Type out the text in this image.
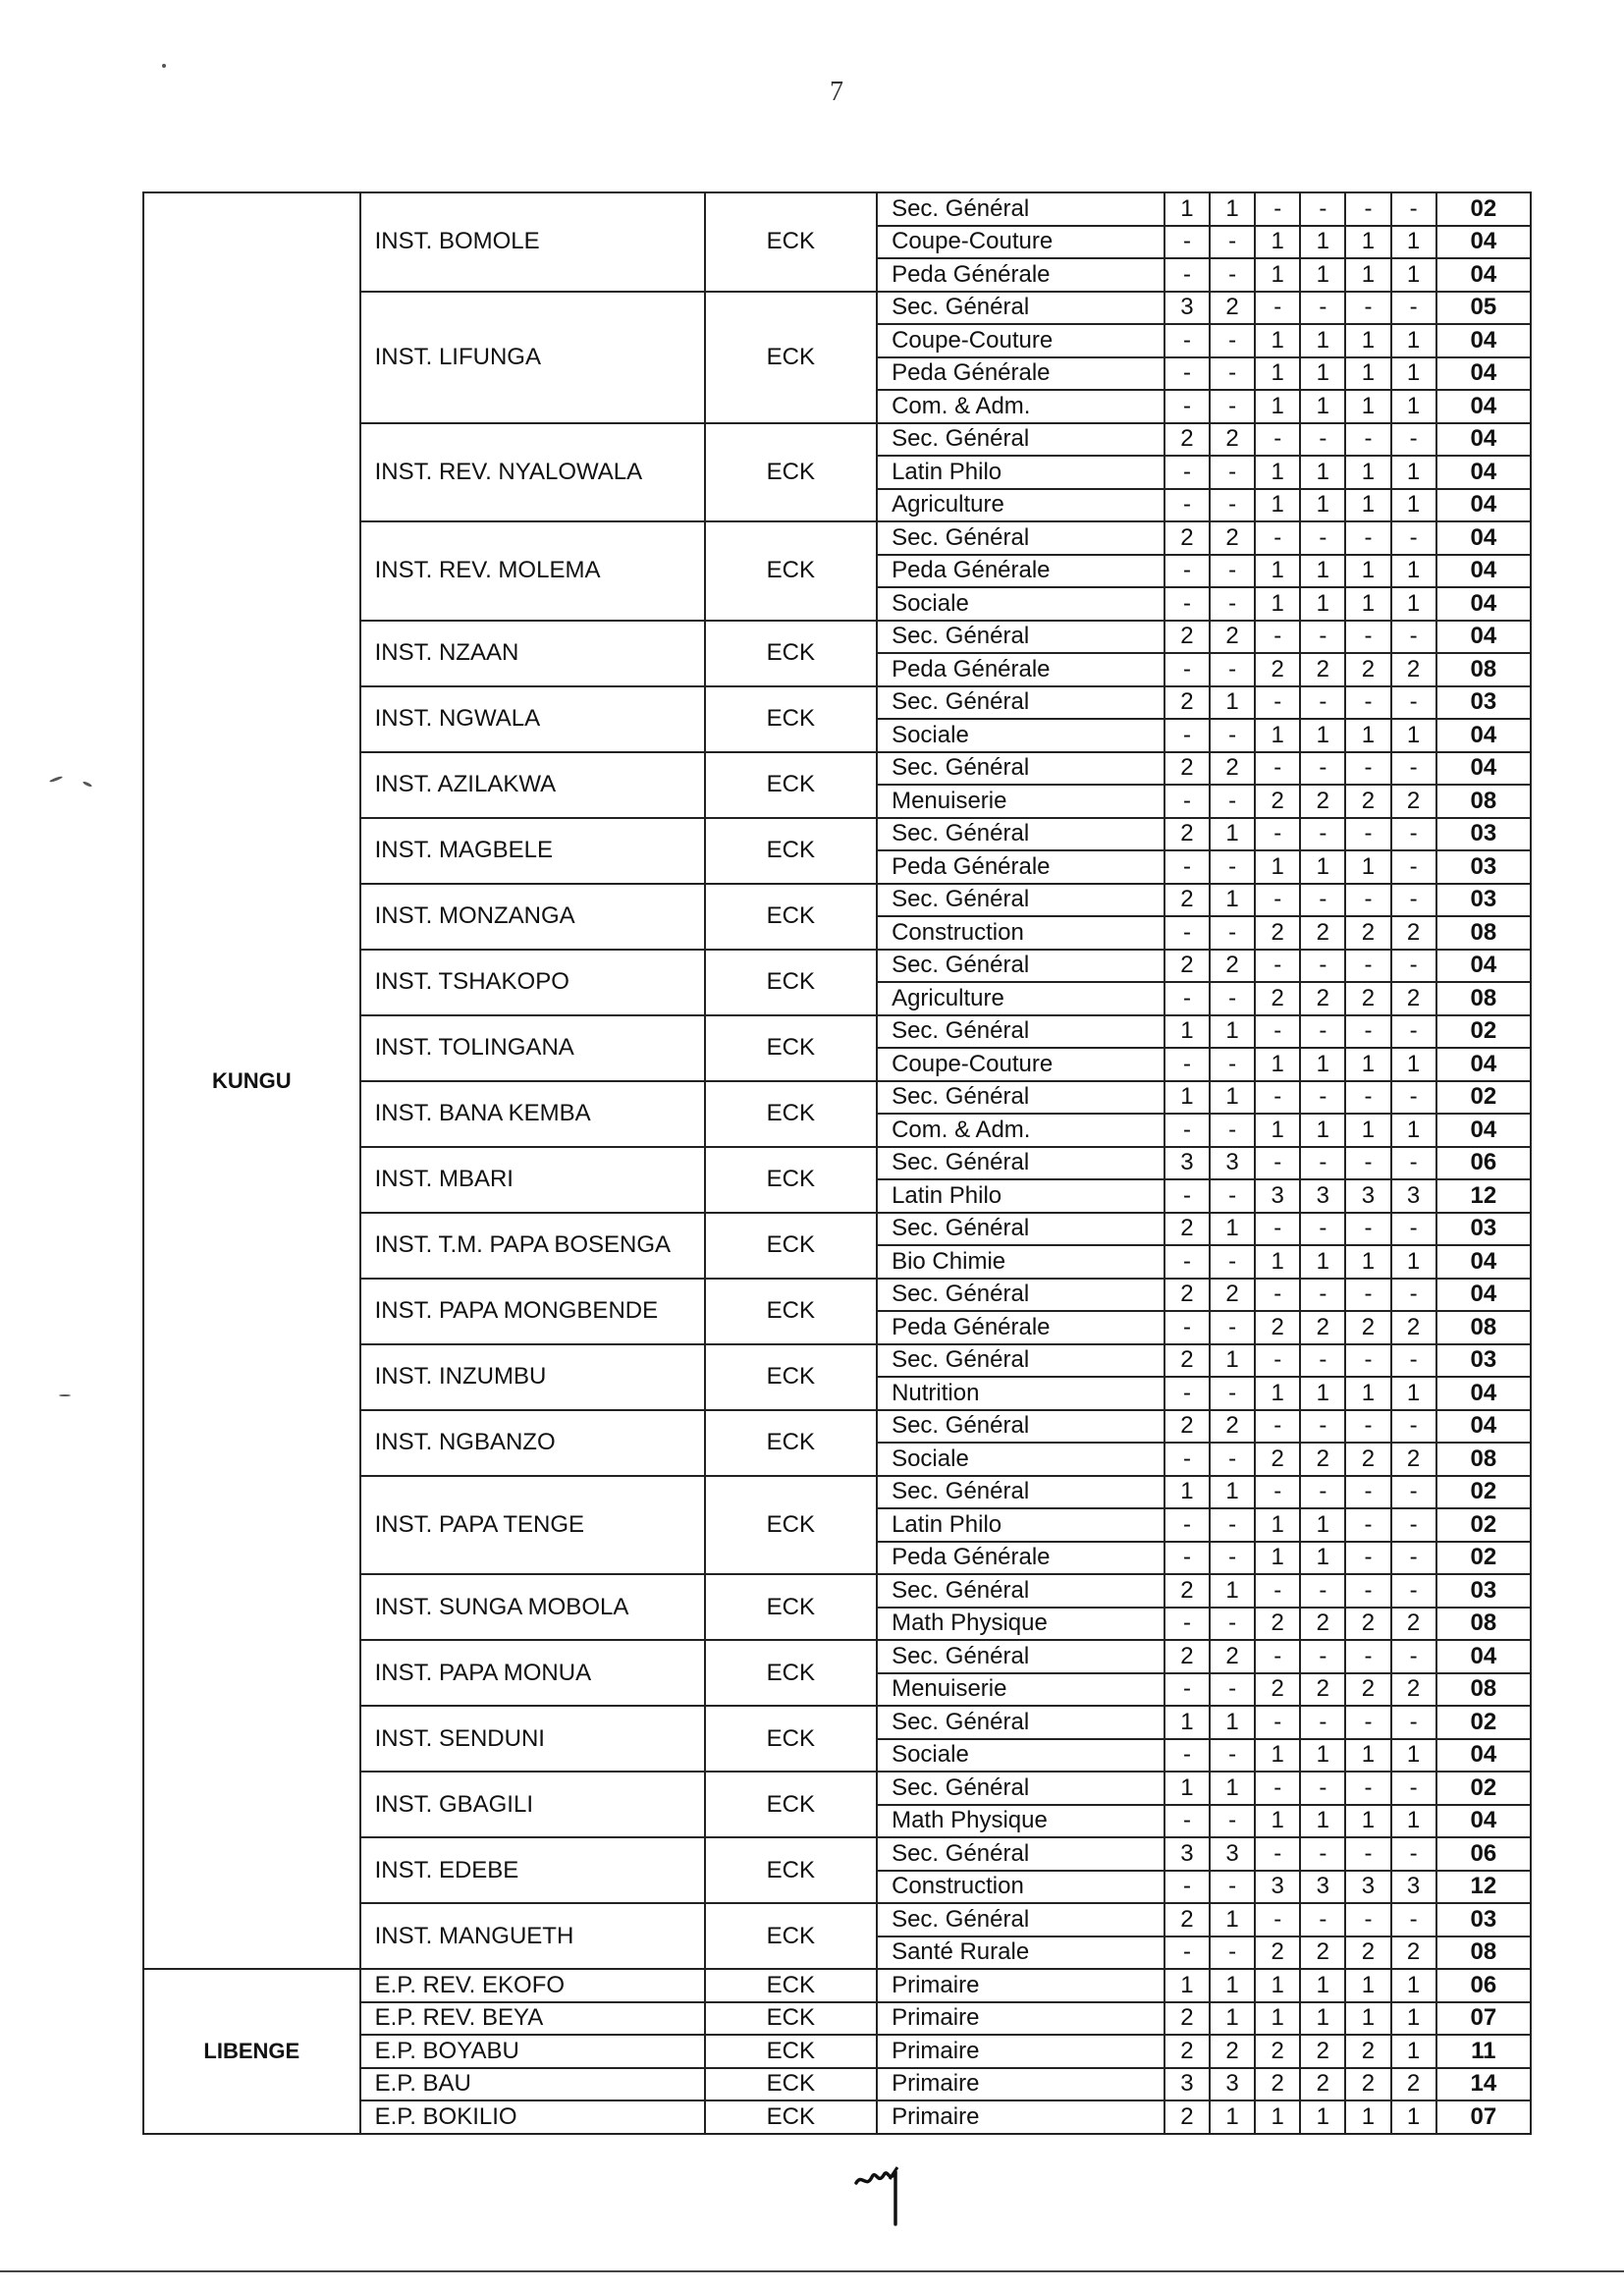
7
KUNGU	INST. BOMOLE	ECK	Sec. Général	1	1	-	-	-	-	02
			Coupe-Couture	-	-	1	1	1	1	04
			Peda Générale	-	-	1	1	1	1	04
	INST. LIFUNGA	ECK	Sec. Général	3	2	-	-	-	-	05
			Coupe-Couture	-	-	1	1	1	1	04
			Peda Générale	-	-	1	1	1	1	04
			Com. & Adm.	-	-	1	1	1	1	04
	INST. REV. NYALOWALA	ECK	Sec. Général	2	2	-	-	-	-	04
			Latin Philo	-	-	1	1	1	1	04
			Agriculture	-	-	1	1	1	1	04
	INST. REV. MOLEMA	ECK	Sec. Général	2	2	-	-	-	-	04
			Peda Générale	-	-	1	1	1	1	04
			Sociale	-	-	1	1	1	1	04
	INST. NZAAN	ECK	Sec. Général	2	2	-	-	-	-	04
			Peda Générale	-	-	2	2	2	2	08
	INST. NGWALA	ECK	Sec. Général	2	1	-	-	-	-	03
			Sociale	-	-	1	1	1	1	04
	INST. AZILAKWA	ECK	Sec. Général	2	2	-	-	-	-	04
			Menuiserie	-	-	2	2	2	2	08
	INST. MAGBELE	ECK	Sec. Général	2	1	-	-	-	-	03
			Peda Générale	-	-	1	1	1	-	03
	INST. MONZANGA	ECK	Sec. Général	2	1	-	-	-	-	03
			Construction	-	-	2	2	2	2	08
	INST. TSHAKOPO	ECK	Sec. Général	2	2	-	-	-	-	04
			Agriculture	-	-	2	2	2	2	08
	INST. TOLINGANA	ECK	Sec. Général	1	1	-	-	-	-	02
			Coupe-Couture	-	-	1	1	1	1	04
	INST. BANA KEMBA	ECK	Sec. Général	1	1	-	-	-	-	02
			Com. & Adm.	-	-	1	1	1	1	04
	INST. MBARI	ECK	Sec. Général	3	3	-	-	-	-	06
			Latin Philo	-	-	3	3	3	3	12
	INST. T.M. PAPA BOSENGA	ECK	Sec. Général	2	1	-	-	-	-	03
			Bio Chimie	-	-	1	1	1	1	04
	INST. PAPA MONGBENDE	ECK	Sec. Général	2	2	-	-	-	-	04
			Peda Générale	-	-	2	2	2	2	08
	INST. INZUMBU	ECK	Sec. Général	2	1	-	-	-	-	03
			Nutrition	-	-	1	1	1	1	04
	INST. NGBANZO	ECK	Sec. Général	2	2	-	-	-	-	04
			Sociale	-	-	2	2	2	2	08
	INST. PAPA TENGE	ECK	Sec. Général	1	1	-	-	-	-	02
			Latin Philo	-	-	1	1	-	-	02
			Peda Générale	-	-	1	1	-	-	02
	INST. SUNGA MOBOLA	ECK	Sec. Général	2	1	-	-	-	-	03
			Math Physique	-	-	2	2	2	2	08
	INST. PAPA MONUA	ECK	Sec. Général	2	2	-	-	-	-	04
			Menuiserie	-	-	2	2	2	2	08
	INST. SENDUNI	ECK	Sec. Général	1	1	-	-	-	-	02
			Sociale	-	-	1	1	1	1	04
	INST. GBAGILI	ECK	Sec. Général	1	1	-	-	-	-	02
			Math Physique	-	-	1	1	1	1	04
	INST. EDEBE	ECK	Sec. Général	3	3	-	-	-	-	06
			Construction	-	-	3	3	3	3	12
	INST. MANGUETH	ECK	Sec. Général	2	1	-	-	-	-	03
			Santé Rurale	-	-	2	2	2	2	08
LIBENGE	E.P. REV. EKOFO	ECK	Primaire	1	1	1	1	1	1	06
	E.P. REV. BEYA	ECK	Primaire	2	1	1	1	1	1	07
	E.P. BOYABU	ECK	Primaire	2	2	2	2	2	1	11
	E.P. BAU	ECK	Primaire	3	3	2	2	2	2	14
	E.P. BOKILIO	ECK	Primaire	2	1	1	1	1	1	07
